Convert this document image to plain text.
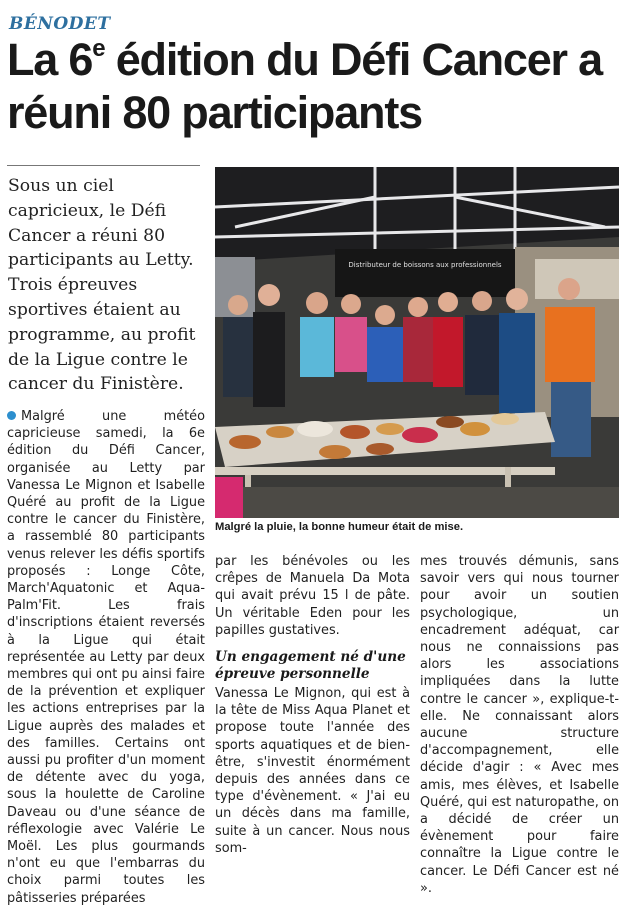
BÉNODET
La 6e édition du Défi Cancer a réuni 80 participants
Sous un ciel capricieux, le Défi Cancer a réuni 80 participants au Letty. Trois épreuves sportives étaient au programme, au profit de la Ligue contre le cancer du Finistère.
Distributeur de boissons aux professionnels
Malgré la pluie, la bonne humeur était de mise.

Malgré une météo capricieuse samedi, la 6e édition du Défi Cancer, organisée au Letty par Vanessa Le Mignon et Isabelle Quéré au profit de la Ligue contre le cancer du Finistère, a rassemblé 80 participants venus relever les défis sportifs proposés : Longe Côte, March'Aquatonic et Aqua-Palm'Fit. Les frais d'inscriptions étaient reversés à la Ligue qui était représentée au Letty par deux membres qui ont pu ainsi faire de la prévention et expliquer les actions entreprises par la Ligue auprès des malades et des familles. Certains ont aussi pu profiter d'un moment de détente avec du yoga, sous la houlette de Caroline Daveau ou d'une séance de réflexologie avec Valérie Le Moël. Les plus gourmands n'ont eu que l'embarras du choix parmi toutes les pâtisseries préparées

par les bénévoles ou les crêpes de Manuela Da Mota qui avait prévu 15 l de pâte. Un véritable Eden pour les papilles gustatives.

Un engagement né d'une épreuve personnelle

Vanessa Le Mignon, qui est à la tête de Miss Aqua Planet et propose toute l'année des sports aquatiques et de bien-être, s'investit énormément depuis des années dans ce type d'évènement. « J'ai eu un décès dans ma famille, suite à un cancer. Nous nous som-

mes trouvés démunis, sans savoir vers qui nous tourner pour avoir un soutien psychologique, un encadrement adéquat, car nous ne connaissions pas alors les associations impliquées dans la lutte contre le cancer », explique-t-elle. Ne connaissant alors aucune structure d'accompagnement, elle décide d'agir : « Avec mes amis, mes élèves, et Isabelle Quéré, qui est naturopathe, on a décidé de créer un évènement pour faire connaître la Ligue contre le cancer. Le Défi Cancer est né ».
